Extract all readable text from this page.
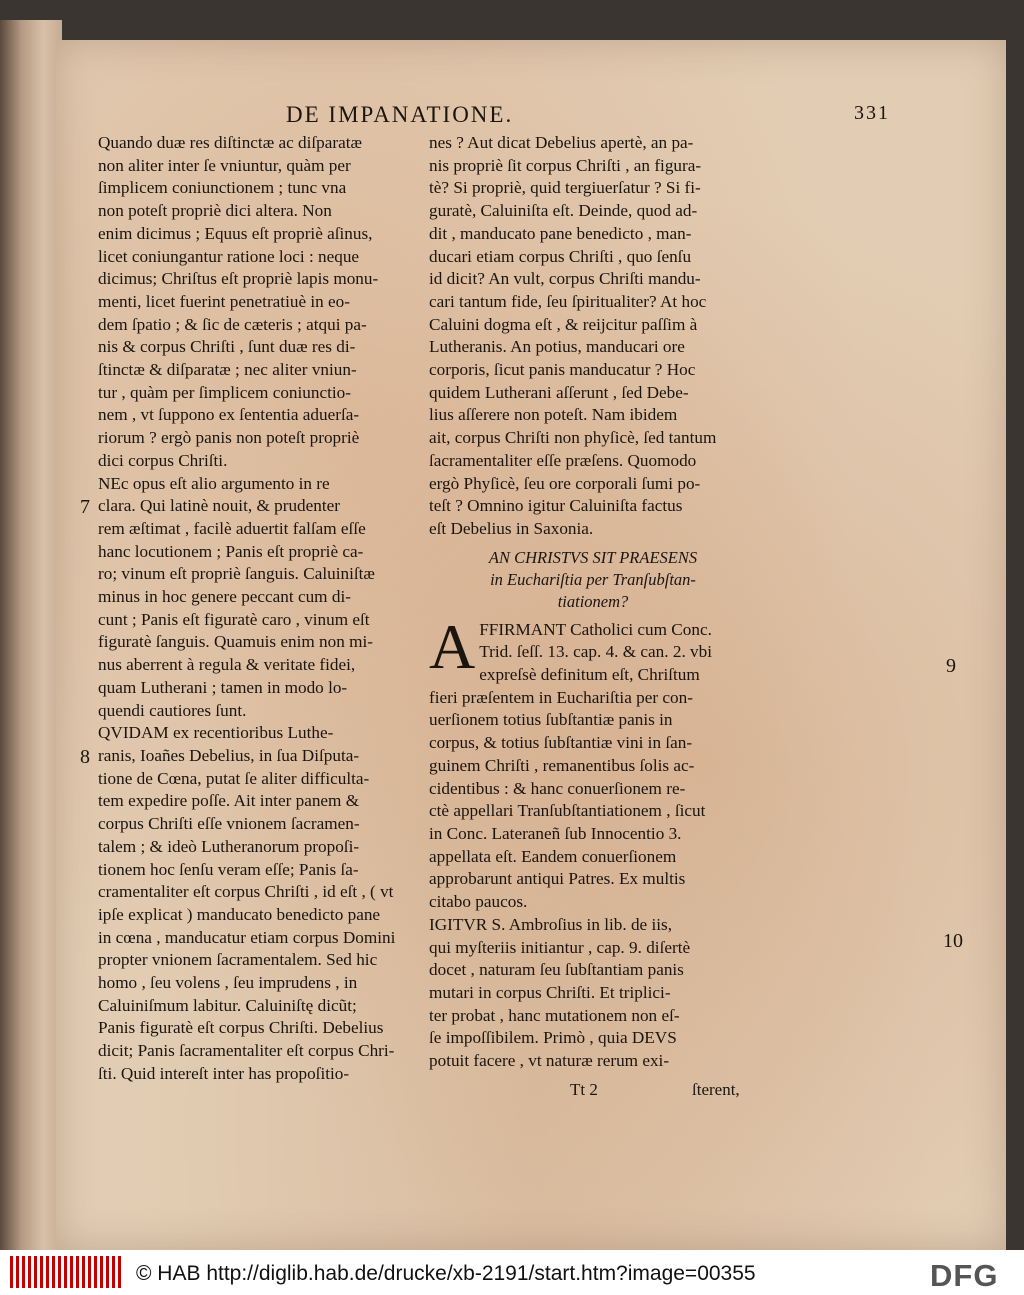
DE IMPANATIONE.	331
Quando duæ res diſtinctæ ac diſparatæ
non aliter inter ſe vniuntur, quàm per
ſimplicem coniunctionem ; tunc vna
non poteſt propriè dici altera. Non
enim dicimus ; Equus eſt propriè aſinus,
licet coniungantur ratione loci : neque
dicimus; Chriſtus eſt propriè lapis monu-
menti, licet fuerint penetratiuè in eo-
dem ſpatio ; & ſic de cæteris ; atqui pa-
nis & corpus Chriſti , ſunt duæ res di-
ſtinctæ & diſparatæ ; nec aliter vniun-
tur , quàm per ſimplicem coniunctio-
nem , vt ſuppono ex ſententia aduerſa-
riorum ? ergò panis non poteſt propriè
dici corpus Chriſti.
NEc opus eſt alio argumento in re
clara. Qui latinè nouit, & prudenter
rem æſtimat , facilè aduertit falſam eſſe
hanc locutionem ; Panis eſt propriè ca-
ro; vinum eſt propriè ſanguis. Caluiniſtæ
minus in hoc genere peccant cum di-
cunt ; Panis eſt figuratè caro , vinum eſt
figuratè ſanguis. Quamuis enim non mi-
nus aberrent à regula & veritate fidei,
quam Lutherani ; tamen in modo lo-
quendi cautiores ſunt.
QVIDAM ex recentioribus Luthe-
ranis, Ioañes Debelius, in ſua Diſputa-
tione de Cœna, putat ſe aliter difficulta-
tem expedire poſſe. Ait inter panem &
corpus Chriſti eſſe vnionem ſacramen-
talem ; & ideò Lutheranorum propoſi-
tionem hoc ſenſu veram eſſe; Panis ſa-
cramentaliter eſt corpus Chriſti , id eſt , ( vt
ipſe explicat ) manducato benedicto pane
in cœna , manducatur etiam corpus Domini
propter vnionem ſacramentalem. Sed hic
homo , ſeu volens , ſeu imprudens , in
Caluiniſmum labitur. Caluiniſtę dicũt;
Panis figuratè eſt corpus Chriſti. Debelius
dicit; Panis ſacramentaliter eſt corpus Chri-
ſti. Quid intereſt inter has propoſitio-
nes ? Aut dicat Debelius apertè, an pa-
nis propriè ſit corpus Chriſti , an figura-
tè? Si propriè, quid tergiuerſatur ? Si fi-
guratè, Caluiniſta eſt. Deinde, quod ad-
dit , manducato pane benedicto , man-
ducari etiam corpus Chriſti , quo ſenſu
id dicit? An vult, corpus Chriſti mandu-
cari tantum fide, ſeu ſpiritualiter? At hoc
Caluini dogma eſt , & reijcitur paſſim à
Lutheranis. An potius, manducari ore
corporis, ſicut panis manducatur ? Hoc
quidem Lutherani aſſerunt , ſed Debe-
lius aſſerere non poteſt. Nam ibidem
ait, corpus Chriſti non phyſicè, ſed tantum
ſacramentaliter eſſe præſens. Quomodo
ergò Phyſicè, ſeu ore corporali ſumi po-
teſt ? Omnino igitur Caluiniſta factus
eſt Debelius in Saxonia.
AN CHRISTVS SIT PRAESENS
in Euchariſtia per Tranſubſtan-
tiationem?
A FFIRMANT Catholici cum Conc.
Trid. ſeſſ. 13. cap. 4. & can. 2. vbi
expreſsè definitum eſt, Chriſtum
fieri præſentem in Euchariſtia per con-
uerſionem totius ſubſtantiæ panis in
corpus, & totius ſubſtantiæ vini in ſan-
guinem Chriſti , remanentibus ſolis ac-
cidentibus : & hanc conuerſionem re-
ctè appellari Tranſubſtantiationem , ſicut
in Conc. Lateraneñ ſub Innocentio 3.
appellata eſt. Eandem conuerſionem
approbarunt antiqui Patres. Ex multis
citabo paucos.
IGITVR S. Ambroſius in lib. de iis,
qui myſteriis initiantur , cap. 9. diſertè
docet , naturam ſeu ſubſtantiam panis
mutari in corpus Chriſti. Et triplici-
ter probat , hanc mutationem non eſ-
ſe impoſſibilem. Primò , quia DEVS
potuit facere , vt naturæ rerum exi-
7
8
9
10
Tt 2	ſterent,
© HAB http://diglib.hab.de/drucke/xb-2191/start.htm?image=00355	DFG
